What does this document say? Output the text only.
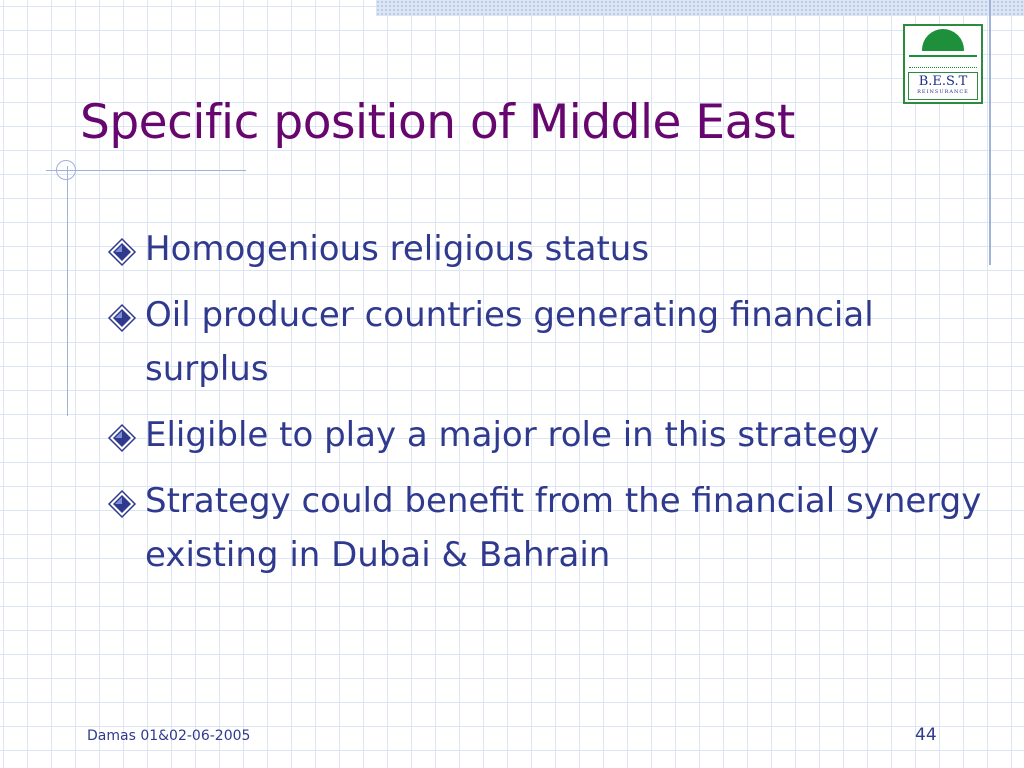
B.E.S.T
REINSURANCE
Specific position of Middle East
Homogenious religious status
Oil producer countries generating financial surplus
Eligible to play a major role in this strategy
Strategy could benefit from the financial synergy existing in Dubai & Bahrain
Damas 01&02-06-2005	44
